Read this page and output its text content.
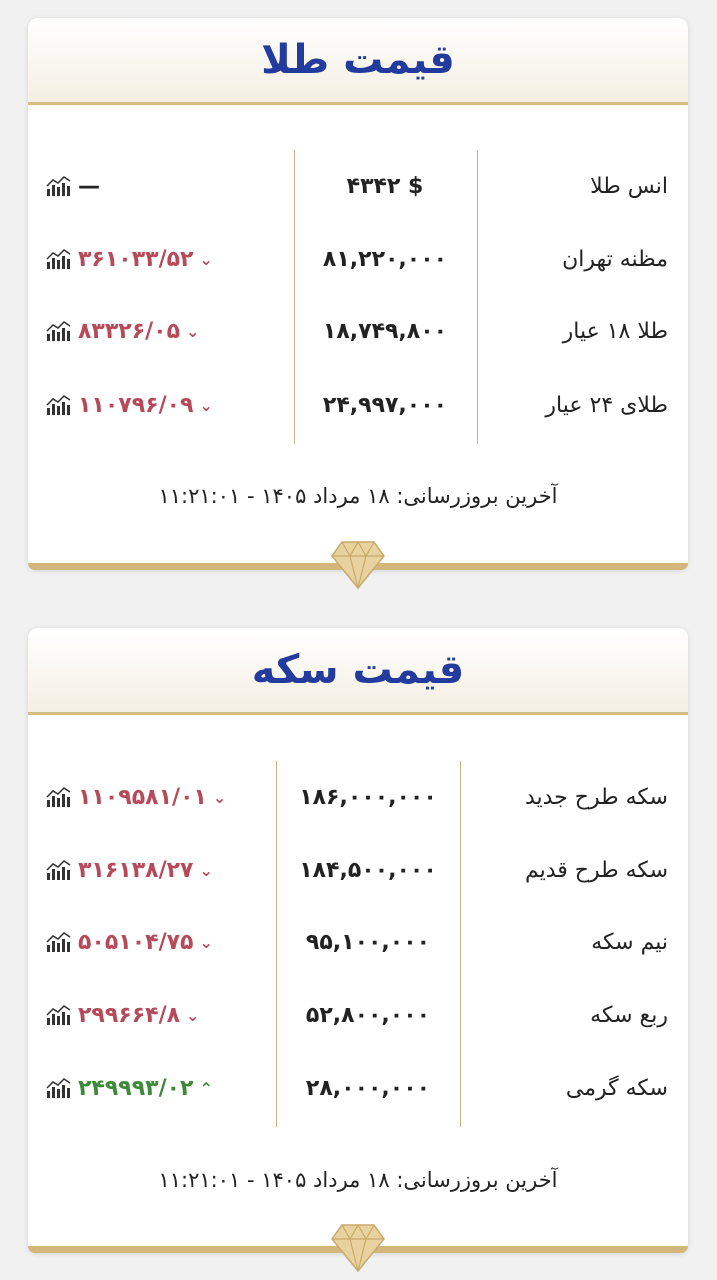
قیمت طلا
انس طلا
۴۳۴۲ $
—
مظنه تهران
۸۱,۲۲۰,۰۰۰
۳۶۱۰۳۳/۵۲ ⌄
طلا ۱۸ عیار
۱۸,۷۴۹,۸۰۰
۸۳۳۲۶/۰۵ ⌄
طلای ۲۴ عیار
۲۴,۹۹۷,۰۰۰
۱۱۰۷۹۶/۰۹ ⌄
آخرین بروزرسانی: ۱۸ مرداد ۱۴۰۵ - ۱۱:۲۱:۰۱
قیمت سکه
سکه طرح جدید
۱۸۶,۰۰۰,۰۰۰
۱۱۰۹۵۸۱/۰۱ ⌄
سکه طرح قدیم
۱۸۴,۵۰۰,۰۰۰
۳۱۶۱۳۸/۲۷ ⌄
نیم سکه
۹۵,۱۰۰,۰۰۰
۵۰۵۱۰۴/۷۵ ⌄
ربع سکه
۵۲,۸۰۰,۰۰۰
۲۹۹۶۶۴/۸ ⌄
سکه گرمی
۲۸,۰۰۰,۰۰۰
۲۴۹۹۹۳/۰۲ ⌃
آخرین بروزرسانی: ۱۸ مرداد ۱۴۰۵ - ۱۱:۲۱:۰۱
